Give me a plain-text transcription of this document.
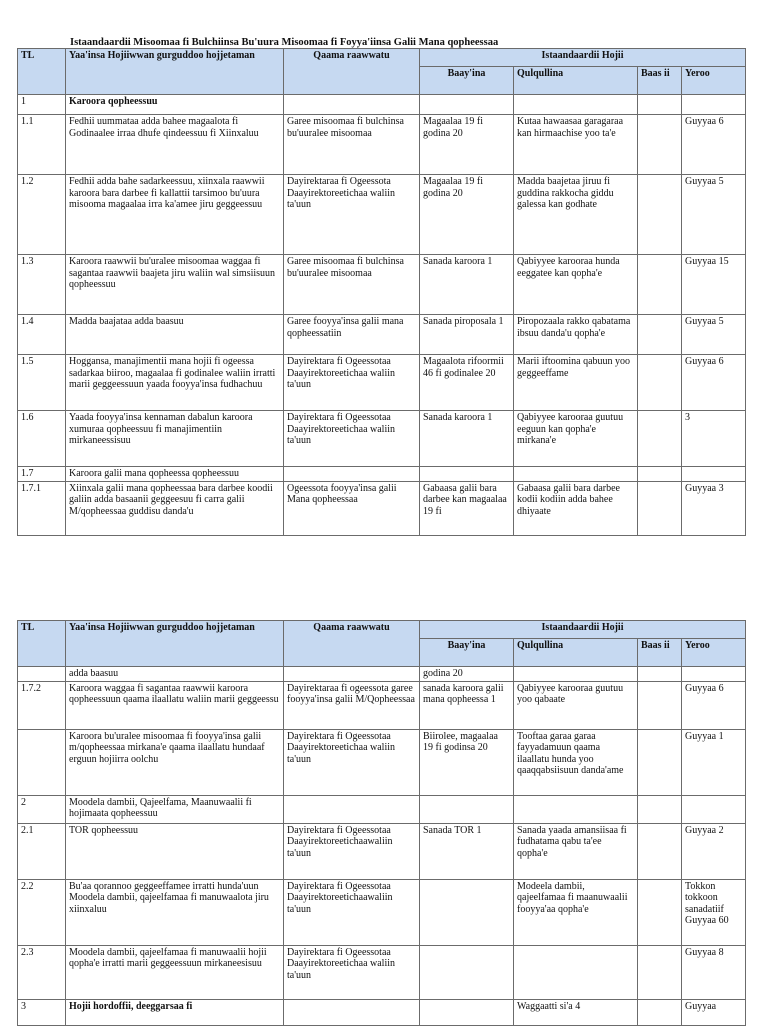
Istaandaardii Misoomaa fi Bulchiinsa Bu'uura Misoomaa fi Foyya'iinsa Galii Mana qopheessaa
TL	Yaa'insa Hojiiwwan gurguddoo hojjetaman	Qaama raawwatu	Istaandaardii Hojii			
			Baay'ina	Qulqullina	Baas ii	Yeroo
1	Karoora qopheessuu					
1.1	Fedhii uummataa adda bahee magaalota fi Godinaalee irraa dhufe qindeessuu fi Xiinxaluu	Garee misoomaa fi bulchinsa bu'uuralee misoomaa	Magaalaa 19 fi godina 20	Kutaa hawaasaa garagaraa kan hirmaachise yoo ta'e		Guyyaa 6
1.2	Fedhii adda bahe sadarkeessuu, xiinxala raawwii karoora bara darbee fi kallattii tarsimoo bu'uura misooma magaalaa irra ka'amee jiru geggeessuu	Dayirektaraa fi Ogeessota Daayirektoreetichaa waliin ta'uun	Magaalaa 19 fi godina 20	Madda baajetaa jiruu fi guddina rakkocha giddu galessa kan godhate		Guyyaa 5
1.3	Karoora raawwii bu'uralee misoomaa waggaa fi sagantaa raawwii baajeta jiru waliin wal simsiisuun qopheessuu	Garee misoomaa fi bulchinsa bu'uuralee misoomaa	Sanada karoora 1	Qabiyyee karooraa hunda eeggatee kan qopha'e		Guyyaa 15
1.4	Madda baajataa adda baasuu	Garee fooyya'insa galii mana qopheessatiin	Sanada piroposala 1	Piropozaala rakko qabatama ibsuu danda'u qopha'e		Guyyaa 5
1.5	Hoggansa, manajimentii mana hojii fi ogeessa sadarkaa biiroo, magaalaa fi godinalee waliin irratti marii geggeessuun yaada fooyya'insa fudhachuu	Dayirektara fi Ogeessotaa Daayirektoreetichaa waliin ta'uun	Magaalota rifoormii 46 fi godinalee 20	Marii iftoomina qabuun yoo geggeeffame		Guyyaa 6
1.6	Yaada fooyya'insa kennaman dabalun karoora xumuraa qopheessuu fi manajimentiin mirkaneessisuu	Dayirektara fi Ogeessotaa Daayirektoreetichaa waliin ta'uun	Sanada karoora 1	Qabiyyee karooraa guutuu eeguun kan qopha'e mirkana'e		3
1.7	Karoora galii mana qopheessa qopheessuu					
1.7.1	Xiinxala galii mana qopheessaa bara darbee koodii galiin adda basaanii geggeesuu fi carra galii M/qopheessaa guddisu danda'u	Ogeessota fooyya'insa galii Mana qopheessaa	Gabaasa galii bara darbee kan magaalaa 19 fi	Gabaasa galii bara darbee kodii kodiin adda bahee dhiyaate		Guyyaa 3
TL	Yaa'insa Hojiiwwan gurguddoo hojjetaman	Qaama raawwatu	Istaandaardii Hojii			
			Baay'ina	Qulqullina	Baas ii	Yeroo
	adda baasuu		godina 20			
1.7.2	Karoora waggaa fi sagantaa raawwii karoora qopheessuun qaama ilaallatu waliin marii geggeessu	Dayirektaraa fi ogeessota garee fooyya'insa galii M/Qopheessaa	sanada karoora galii mana qopheessa 1	Qabiyyee karooraa guutuu yoo qabaate		Guyyaa 6
	Karoora bu'uralee misoomaa fi fooyya'insa galii m/qopheessaa mirkana'e qaama ilaallatu hundaaf erguun hojiirra oolchu	Dayirektara fi Ogeessotaa Daayirektoreetichaa waliin ta'uun	Biirolee, magaalaa 19 fi godinsa 20	Tooftaa garaa garaa fayyadamuun qaama ilaallatu hunda yoo qaaqqabsiisuun danda'ame		Guyyaa 1
2	Moodela dambii, Qajeelfama, Maanuwaalii fi hojimaata qopheessuu					
2.1	TOR qopheessuu	Dayirektara fi Ogeessotaa Daayirektoreetichaawaliin ta'uun	Sanada TOR 1	Sanada yaada amansiisaa fi fudhatama qabu ta'ee qopha'e		Guyyaa 2
2.2	Bu'aa qorannoo geggeeffamee irratti hunda'uun Moodela dambii, qajeelfamaa fi manuwaalota jiru xiinxaluu	Dayirektara fi Ogeessotaa Daayirektoreetichaawaliin ta'uun		Modeela dambii, qajeelfamaa fi maanuwaalii fooyya'aa qopha'e		Tokkon tokkoon sanadatiif Guyyaa 60
2.3	Moodela dambii, qajeelfamaa fi manuwaalii hojii qopha'e irratti marii geggeessuun mirkaneesisuu	Dayirektara fi Ogeessotaa Daayirektoreetichaa waliin ta'uun				Guyyaa 8
3	Hojii hordoffii, deeggarsaa fi			Waggaatti si'a 4		Guyyaa
